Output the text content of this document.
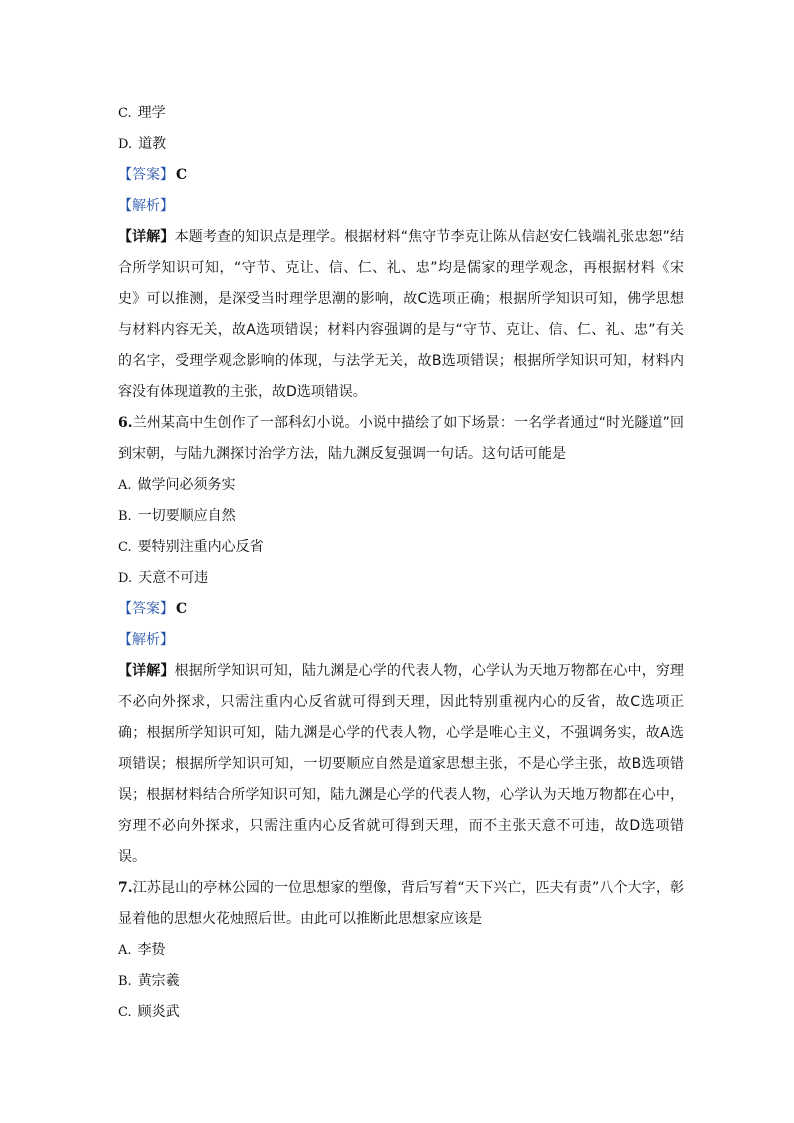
C. 理学
D. 道教
【答案】 C
【解析】
【详解】本题考查的知识点是理学。根据材料“焦守节李克让陈从信赵安仁钱端礼张忠恕”结合所学知识可知，“守节、克让、信、仁、礼、忠”均是儒家的理学观念，再根据材料《宋史》可以推测，是深受当时理学思潮的影响，故C选项正确；根据所学知识可知，佛学思想与材料内容无关，故A选项错误；材料内容强调的是与“守节、克让、信、仁、礼、忠”有关的名字，受理学观念影响的体现，与法学无关，故B选项错误；根据所学知识可知，材料内容没有体现道教的主张，故D选项错误。
6.兰州某高中生创作了一部科幻小说。小说中描绘了如下场景：一名学者通过“时光隧道”回到宋朝，与陆九渊探讨治学方法，陆九渊反复强调一句话。这句话可能是
A. 做学问必须务实
B. 一切要顺应自然
C. 要特别注重内心反省
D. 天意不可违
【答案】 C
【解析】
【详解】根据所学知识可知，陆九渊是心学的代表人物，心学认为天地万物都在心中，穷理不必向外探求，只需注重内心反省就可得到天理，因此特别重视内心的反省，故C选项正确；根据所学知识可知，陆九渊是心学的代表人物，心学是唯心主义，不强调务实，故A选项错误；根据所学知识可知，一切要顺应自然是道家思想主张，不是心学主张，故B选项错误；根据材料结合所学知识可知，陆九渊是心学的代表人物，心学认为天地万物都在心中，穷理不必向外探求，只需注重内心反省就可得到天理，而不主张天意不可违，故D选项错误。
7.江苏昆山的亭林公园的一位思想家的塑像，背后写着“天下兴亡，匹夫有责”八个大字，彰显着他的思想火花烛照后世。由此可以推断此思想家应该是
A. 李贽
B. 黄宗羲
C. 顾炎武
